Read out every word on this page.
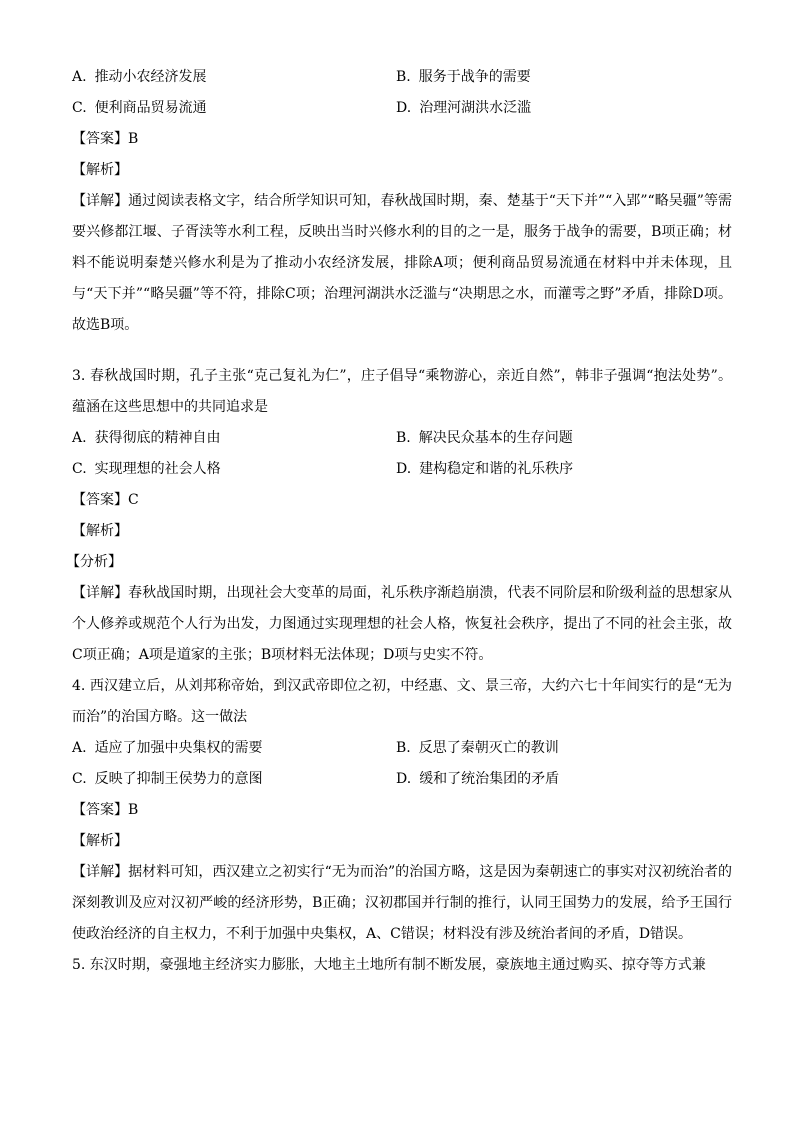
A. 推动小农经济发展	B. 服务于战争的需要
C. 便利商品贸易流通	D. 治理河湖洪水泛滥
【答案】B
【解析】
【详解】通过阅读表格文字，结合所学知识可知，春秋战国时期，秦、楚基于“天下并”“入郢”“略吴疆”等需要兴修都江堰、子胥渎等水利工程，反映出当时兴修水利的目的之一是，服务于战争的需要，B项正确；材料不能说明秦楚兴修水利是为了推动小农经济发展，排除A项；便利商品贸易流通在材料中并未体现，且与“天下并”“略吴疆”等不符，排除C项；治理河湖洪水泛滥与“决期思之水，而灌雩之野”矛盾，排除D项。故选B项。
3. 春秋战国时期，孔子主张“克己复礼为仁”，庄子倡导“乘物游心，亲近自然”，韩非子强调“抱法处势”。蕴涵在这些思想中的共同追求是
A. 获得彻底的精神自由	B. 解决民众基本的生存问题
C. 实现理想的社会人格	D. 建构稳定和谐的礼乐秩序
【答案】C
【解析】
【分析】
【详解】春秋战国时期，出现社会大变革的局面，礼乐秩序渐趋崩溃，代表不同阶层和阶级利益的思想家从个人修养或规范个人行为出发，力图通过实现理想的社会人格，恢复社会秩序，提出了不同的社会主张，故C项正确；A项是道家的主张；B项材料无法体现；D项与史实不符。
4. 西汉建立后，从刘邦称帝始，到汉武帝即位之初，中经惠、文、景三帝，大约六七十年间实行的是“无为而治”的治国方略。这一做法
A. 适应了加强中央集权的需要	B. 反思了秦朝灭亡的教训
C. 反映了抑制王侯势力的意图	D. 缓和了统治集团的矛盾
【答案】B
【解析】
【详解】据材料可知，西汉建立之初实行“无为而治”的治国方略，这是因为秦朝速亡的事实对汉初统治者的深刻教训及应对汉初严峻的经济形势，B正确；汉初郡国并行制的推行，认同王国势力的发展，给予王国行使政治经济的自主权力，不利于加强中央集权，A、C错误；材料没有涉及统治者间的矛盾，D错误。
5. 东汉时期，豪强地主经济实力膨胀，大地主土地所有制不断发展，豪族地主通过购买、掠夺等方式兼
